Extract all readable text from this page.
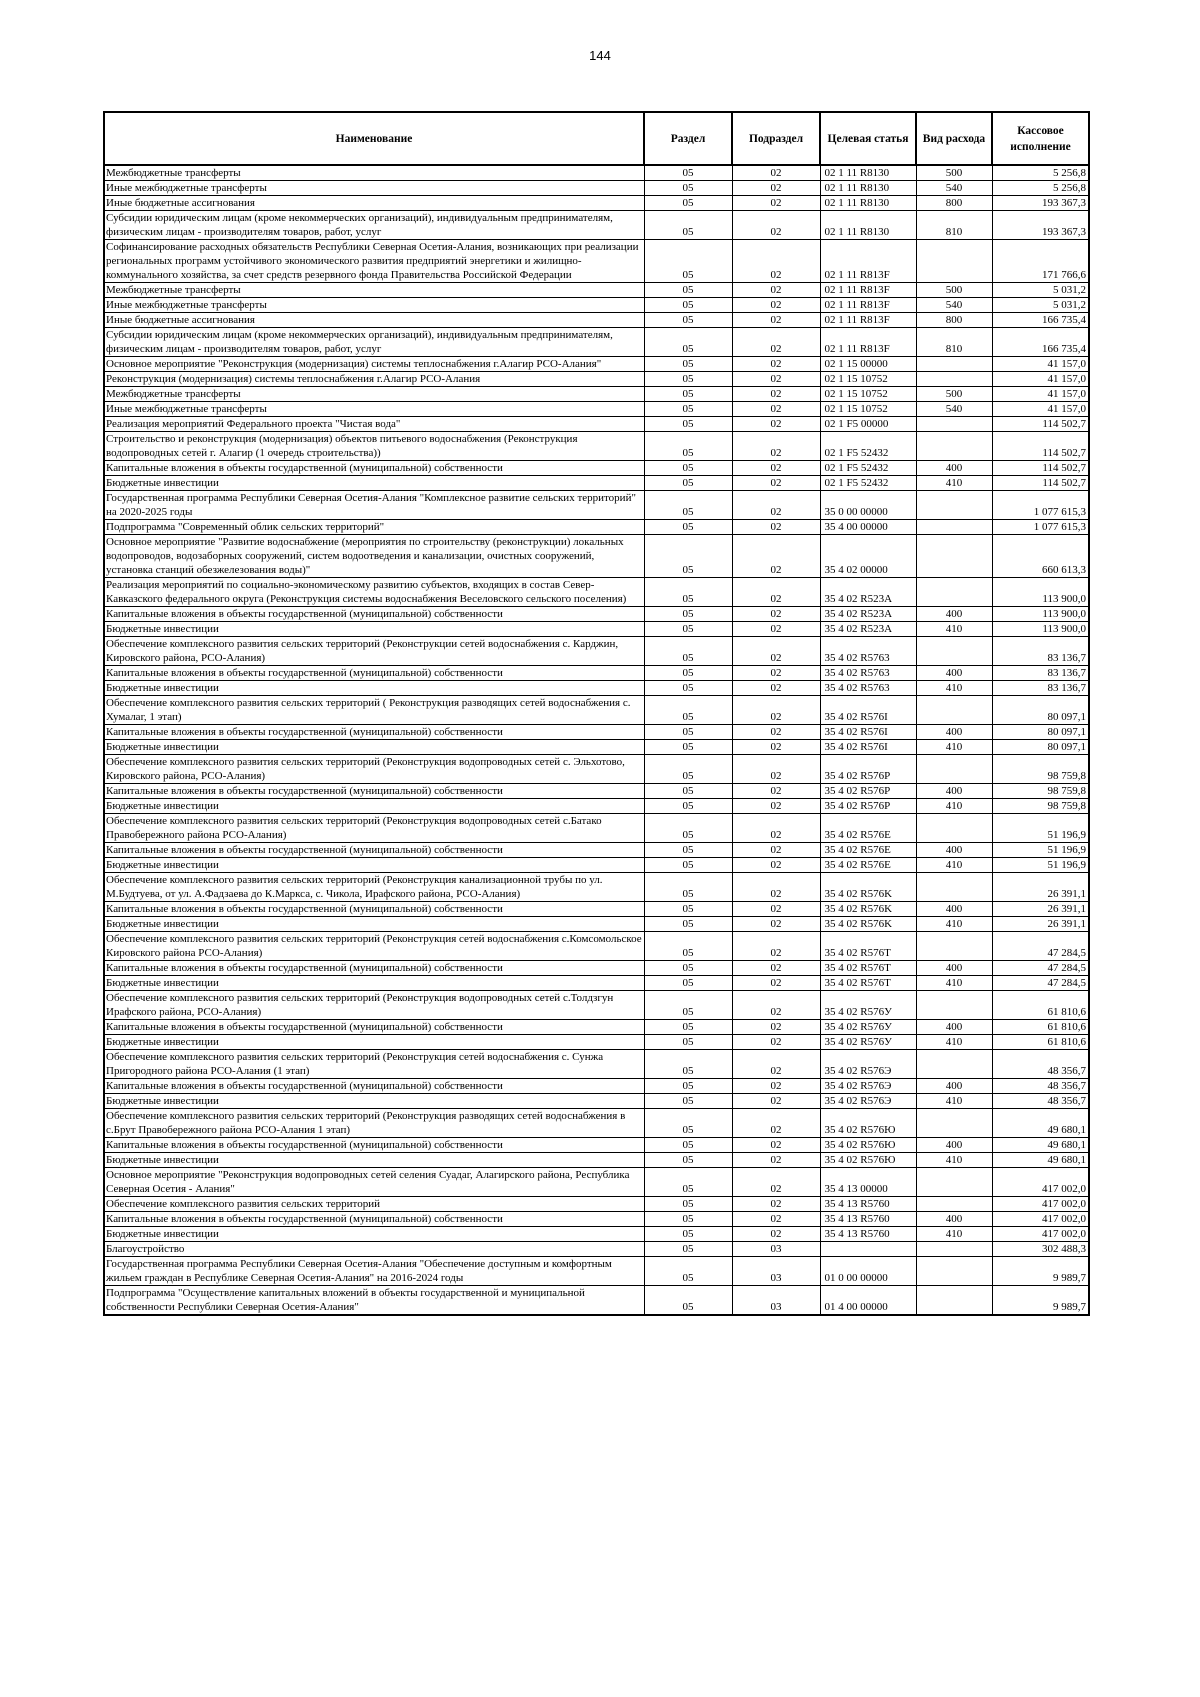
144
Наименование	Раздел	Подраздел	Целевая статья	Вид расхода	Кассовое исполнение
Межбюджетные трансферты	05	02	02 1 11 R8130	500	5 256,8
Иные межбюджетные трансферты	05	02	02 1 11 R8130	540	5 256,8
Иные бюджетные ассигнования	05	02	02 1 11 R8130	800	193 367,3
Субсидии юридическим лицам (кроме некоммерческих организаций), индивидуальным предпринимателям, физическим лицам - производителям товаров, работ, услуг	05	02	02 1 11 R8130	810	193 367,3
Софинансирование расходных обязательств Республики Северная Осетия-Алания, возникающих при реализации региональных программ устойчивого экономического развития предприятий энергетики и жилищно-коммунального хозяйства, за счет средств резервного фонда Правительства Российской Федерации	05	02	02 1 11 R813F		171 766,6
Межбюджетные трансферты	05	02	02 1 11 R813F	500	5 031,2
Иные межбюджетные трансферты	05	02	02 1 11 R813F	540	5 031,2
Иные бюджетные ассигнования	05	02	02 1 11 R813F	800	166 735,4
Субсидии юридическим лицам (кроме некоммерческих организаций), индивидуальным предпринимателям, физическим лицам - производителям товаров, работ, услуг	05	02	02 1 11 R813F	810	166 735,4
Основное мероприятие "Реконструкция (модернизация) системы теплоснабжения г.Алагир РСО-Алания"	05	02	02 1 15 00000		41 157,0
Реконструкция (модернизация) системы теплоснабжения г.Алагир РСО-Алания	05	02	02 1 15 10752		41 157,0
Межбюджетные трансферты	05	02	02 1 15 10752	500	41 157,0
Иные межбюджетные трансферты	05	02	02 1 15 10752	540	41 157,0
Реализация мероприятий Федерального проекта "Чистая вода"	05	02	02 1 F5 00000		114 502,7
Строительство и реконструкция (модернизация) объектов питьевого водоснабжения (Реконструкция водопроводных сетей г. Алагир (1 очередь строительства))	05	02	02 1 F5 52432		114 502,7
Капитальные вложения в объекты государственной (муниципальной) собственности	05	02	02 1 F5 52432	400	114 502,7
Бюджетные инвестиции	05	02	02 1 F5 52432	410	114 502,7
Государственная программа Республики Северная Осетия-Алания "Комплексное развитие сельских территорий" на 2020-2025 годы	05	02	35 0 00 00000		1 077 615,3
Подпрограмма "Современный облик сельских территорий"	05	02	35 4 00 00000		1 077 615,3
Основное мероприятие "Развитие водоснабжение (мероприятия по строительству (реконструкции) локальных водопроводов, водозаборных сооружений, систем водоотведения и канализации, очистных сооружений, установка станций обезжелезования воды)"	05	02	35 4 02 00000		660 613,3
Реализация мероприятий по социально-экономическому развитию субъектов, входящих в состав Север-Кавказского федерального округа (Реконструкция системы водоснабжения Веселовского сельского поселения)	05	02	35 4 02 R523A		113 900,0
Капитальные вложения в объекты государственной (муниципальной) собственности	05	02	35 4 02 R523A	400	113 900,0
Бюджетные инвестиции	05	02	35 4 02 R523A	410	113 900,0
Обеспечение комплексного развития сельских территорий (Реконструкции сетей водоснабжения с. Карджин, Кировского района, РСО-Алания)	05	02	35 4 02 R5763		83 136,7
Капитальные вложения в объекты государственной (муниципальной) собственности	05	02	35 4 02 R5763	400	83 136,7
Бюджетные инвестиции	05	02	35 4 02 R5763	410	83 136,7
Обеспечение комплексного развития сельских территорий ( Реконструкция разводящих сетей водоснабжения с. Хумалаг, 1 этап)	05	02	35 4 02 R576I		80 097,1
Капитальные вложения в объекты государственной (муниципальной) собственности	05	02	35 4 02 R576I	400	80 097,1
Бюджетные инвестиции	05	02	35 4 02 R576I	410	80 097,1
Обеспечение комплексного развития сельских территорий (Реконструкция водопроводных сетей с. Эльхотово, Кировского района, РСО-Алания)	05	02	35 4 02 R576P		98 759,8
Капитальные вложения в объекты государственной (муниципальной) собственности	05	02	35 4 02 R576P	400	98 759,8
Бюджетные инвестиции	05	02	35 4 02 R576P	410	98 759,8
Обеспечение комплексного развития сельских территорий (Реконструкция водопроводных сетей с.Батако Правобережного района РСО-Алания)	05	02	35 4 02 R576E		51 196,9
Капитальные вложения в объекты государственной (муниципальной) собственности	05	02	35 4 02 R576E	400	51 196,9
Бюджетные инвестиции	05	02	35 4 02 R576E	410	51 196,9
Обеспечение комплексного развития сельских территорий (Реконструкция канализационной трубы по ул. М.Будтуева, от ул. А.Фадзаева до К.Маркса, с. Чикола, Ирафского района, РСО-Алания)	05	02	35 4 02 R576K		26 391,1
Капитальные вложения в объекты государственной (муниципальной) собственности	05	02	35 4 02 R576K	400	26 391,1
Бюджетные инвестиции	05	02	35 4 02 R576K	410	26 391,1
Обеспечение комплексного развития сельских территорий (Реконструкция сетей водоснабжения с.Комсомольское Кировского района РСО-Алания)	05	02	35 4 02 R576T		47 284,5
Капитальные вложения в объекты государственной (муниципальной) собственности	05	02	35 4 02 R576T	400	47 284,5
Бюджетные инвестиции	05	02	35 4 02 R576T	410	47 284,5
Обеспечение комплексного развития сельских территорий (Реконструкция водопроводных сетей с.Толдзгун Ирафского района, РСО-Алания)	05	02	35 4 02 R576У		61 810,6
Капитальные вложения в объекты государственной (муниципальной) собственности	05	02	35 4 02 R576У	400	61 810,6
Бюджетные инвестиции	05	02	35 4 02 R576У	410	61 810,6
Обеспечение комплексного развития сельских территорий (Реконструкция сетей водоснабжения с. Сунжа Пригородного района РСО-Алания (1 этап)	05	02	35 4 02 R576Э		48 356,7
Капитальные вложения в объекты государственной (муниципальной) собственности	05	02	35 4 02 R576Э	400	48 356,7
Бюджетные инвестиции	05	02	35 4 02 R576Э	410	48 356,7
Обеспечение комплексного развития сельских территорий (Реконструкция разводящих сетей водоснабжения в с.Брут Правобережного района РСО-Алания 1 этап)	05	02	35 4 02 R576Ю		49 680,1
Капитальные вложения в объекты государственной (муниципальной) собственности	05	02	35 4 02 R576Ю	400	49 680,1
Бюджетные инвестиции	05	02	35 4 02 R576Ю	410	49 680,1
Основное мероприятие "Реконструкция водопроводных сетей селения Суадаг, Алагирского района, Республика Северная Осетия - Алания"	05	02	35 4 13 00000		417 002,0
Обеспечение комплексного развития сельских территорий	05	02	35 4 13 R5760		417 002,0
Капитальные вложения в объекты государственной (муниципальной) собственности	05	02	35 4 13 R5760	400	417 002,0
Бюджетные инвестиции	05	02	35 4 13 R5760	410	417 002,0
Благоустройство	05	03			302 488,3
Государственная программа Республики Северная Осетия-Алания "Обеспечение доступным и комфортным жильем граждан в Республике Северная Осетия-Алания" на 2016-2024 годы	05	03	01 0 00 00000		9 989,7
Подпрограмма "Осуществление капитальных вложений в объекты государственной и муниципальной собственности Республики Северная Осетия-Алания"	05	03	01 4 00 00000		9 989,7
